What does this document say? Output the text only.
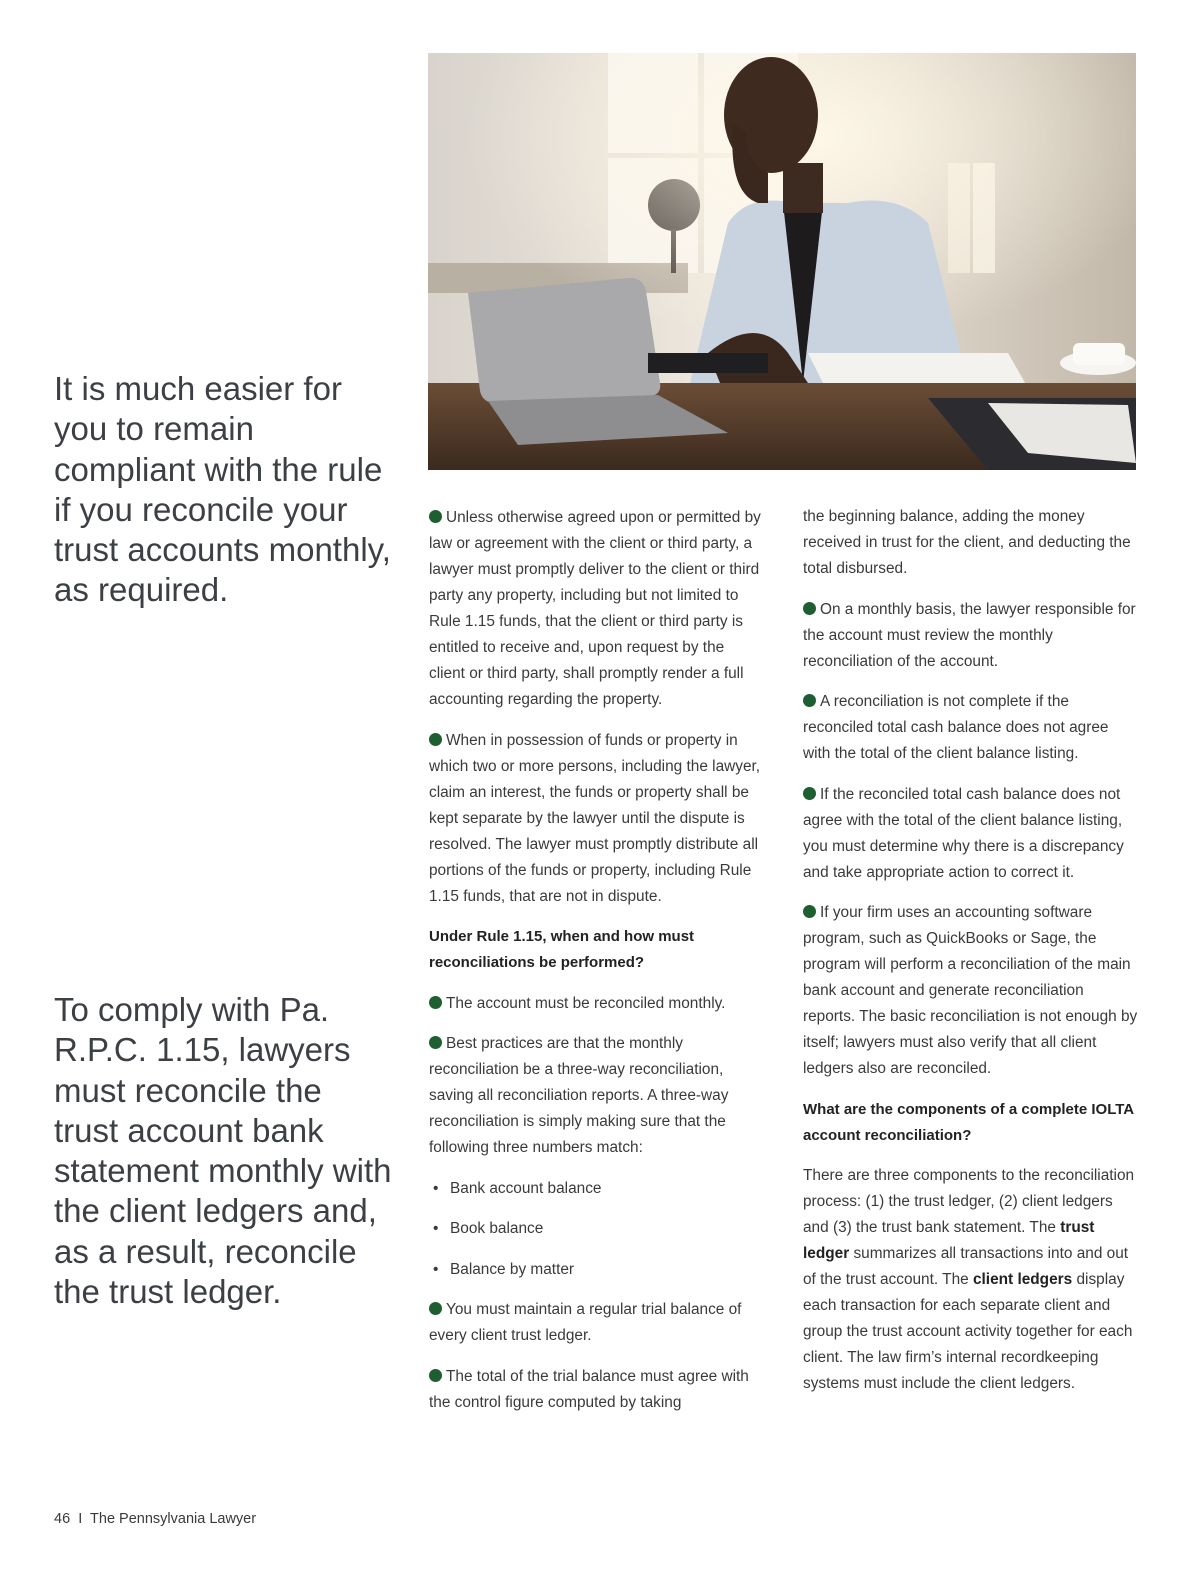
It is much easier for you to remain compliant with the rule if you reconcile your trust accounts monthly, as required.

To comply with Pa. R.P.C. 1.15, lawyers must reconcile the trust account bank statement monthly with the client ledgers and, as a result, reconcile the trust ledger.

Unless otherwise agreed upon or permitted by law or agreement with the client or third party, a lawyer must promptly deliver to the client or third party any property, including but not limited to Rule 1.15 funds, that the client or third party is entitled to receive and, upon request by the client or third party, shall promptly render a full accounting regarding the property.

When in possession of funds or property in which two or more persons, including the lawyer, claim an interest, the funds or property shall be kept separate by the lawyer until the dispute is resolved. The lawyer must promptly distribute all portions of the funds or property, including Rule 1.15 funds, that are not in dispute.

Under Rule 1.15, when and how must reconciliations be performed?

The account must be reconciled monthly.

Best practices are that the monthly reconciliation be a three-way reconciliation, saving all reconciliation reports. A three-way reconciliation is simply making sure that the following three numbers match:

• Bank account balance
• Book balance
• Balance by matter

You must maintain a regular trial balance of every client trust ledger.

The total of the trial balance must agree with the control figure computed by taking

the beginning balance, adding the money received in trust for the client, and deducting the total disbursed.

On a monthly basis, the lawyer responsible for the account must review the monthly reconciliation of the account.

A reconciliation is not complete if the reconciled total cash balance does not agree with the total of the client balance listing.

If the reconciled total cash balance does not agree with the total of the client balance listing, you must determine why there is a discrepancy and take appropriate action to correct it.

If your firm uses an accounting software program, such as QuickBooks or Sage, the program will perform a reconciliation of the main bank account and generate reconciliation reports. The basic reconciliation is not enough by itself; lawyers must also verify that all client ledgers also are reconciled.

What are the components of a complete IOLTA account reconciliation?

There are three components to the reconciliation process: (1) the trust ledger, (2) client ledgers and (3) the trust bank statement. The trust ledger summarizes all transactions into and out of the trust account. The client ledgers display each transaction for each separate client and group the trust account activity together for each client. The law firm’s internal recordkeeping systems must include the client ledgers.

46 I The Pennsylvania Lawyer
